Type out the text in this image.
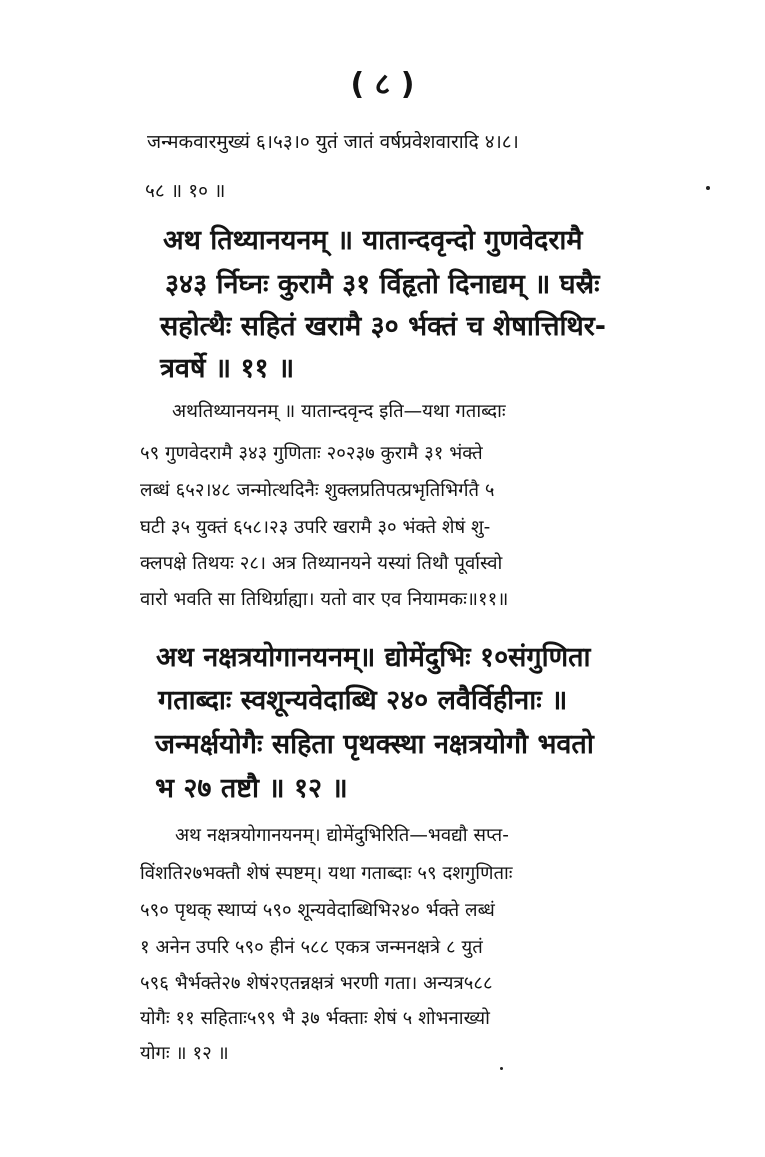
( ८ )
जन्मकवारमुख्यं ६।५३।० युतं जातं वर्षप्रवेशवारादि ४।८।
५८ ॥ १० ॥
अथ तिथ्यानयनम् ॥ यातान्दवृन्दो गुणवेदरामै
३४३ र्निघ्नः कुरामै ३१ र्विहृतो दिनाद्यम् ॥ घस्रैः
सहोत्थैः सहितं खरामै ३० र्भक्तं च शेषात्तिथिर-
त्रवर्षे ॥ ११ ॥
अथतिथ्यानयनम् ॥ यातान्दवृन्द इति—यथा गताब्दाः
५९ गुणवेदरामै ३४३ गुणिताः २०२३७ कुरामै ३१ भंक्ते
लब्धं ६५२।४८ जन्मोत्थदिनैः शुक्लप्रतिपत्प्रभृतिभिर्गतै ५
घटी ३५ युक्तं ६५८।२३ उपरि खरामै ३० भंक्ते शेषं शु-
क्लपक्षे तिथयः २८। अत्र तिथ्यानयने यस्यां तिथौ पूर्वास्वो
वारो भवति सा तिथिर्ग्राह्या। यतो वार एव नियामकः॥११॥
अथ नक्षत्रयोगानयनम्॥ द्योमेंदुभिः १०संगुणिता
गताब्दाः स्वशून्यवेदाब्धि २४० लवैर्विहीनाः ॥
जन्मर्क्षयोगैः सहिता पृथक्स्था नक्षत्रयोगौ भवतो
भ २७ तष्टौ ॥ १२ ॥
अथ नक्षत्रयोगानयनम्। द्योमेंदुभिरिति—भवद्यौ सप्त-
विंशति२७भक्तौ शेषं स्पष्टम्। यथा गताब्दाः ५९ दशगुणिताः
५९० पृथक् स्थाप्यं ५९० शून्यवेदाब्धिभि२४० र्भक्ते लब्धं
१ अनेन उपरि ५९० हीनं ५८८ एकत्र जन्मनक्षत्रे ८ युतं
५९६ भैर्भक्ते२७ शेषं२एतन्नक्षत्रं भरणी गता। अन्यत्र५८८
योगैः ११ सहिताः५९९ भै ३७ र्भक्ताः शेषं ५ शोभनाख्यो
योगः ॥ १२ ॥
